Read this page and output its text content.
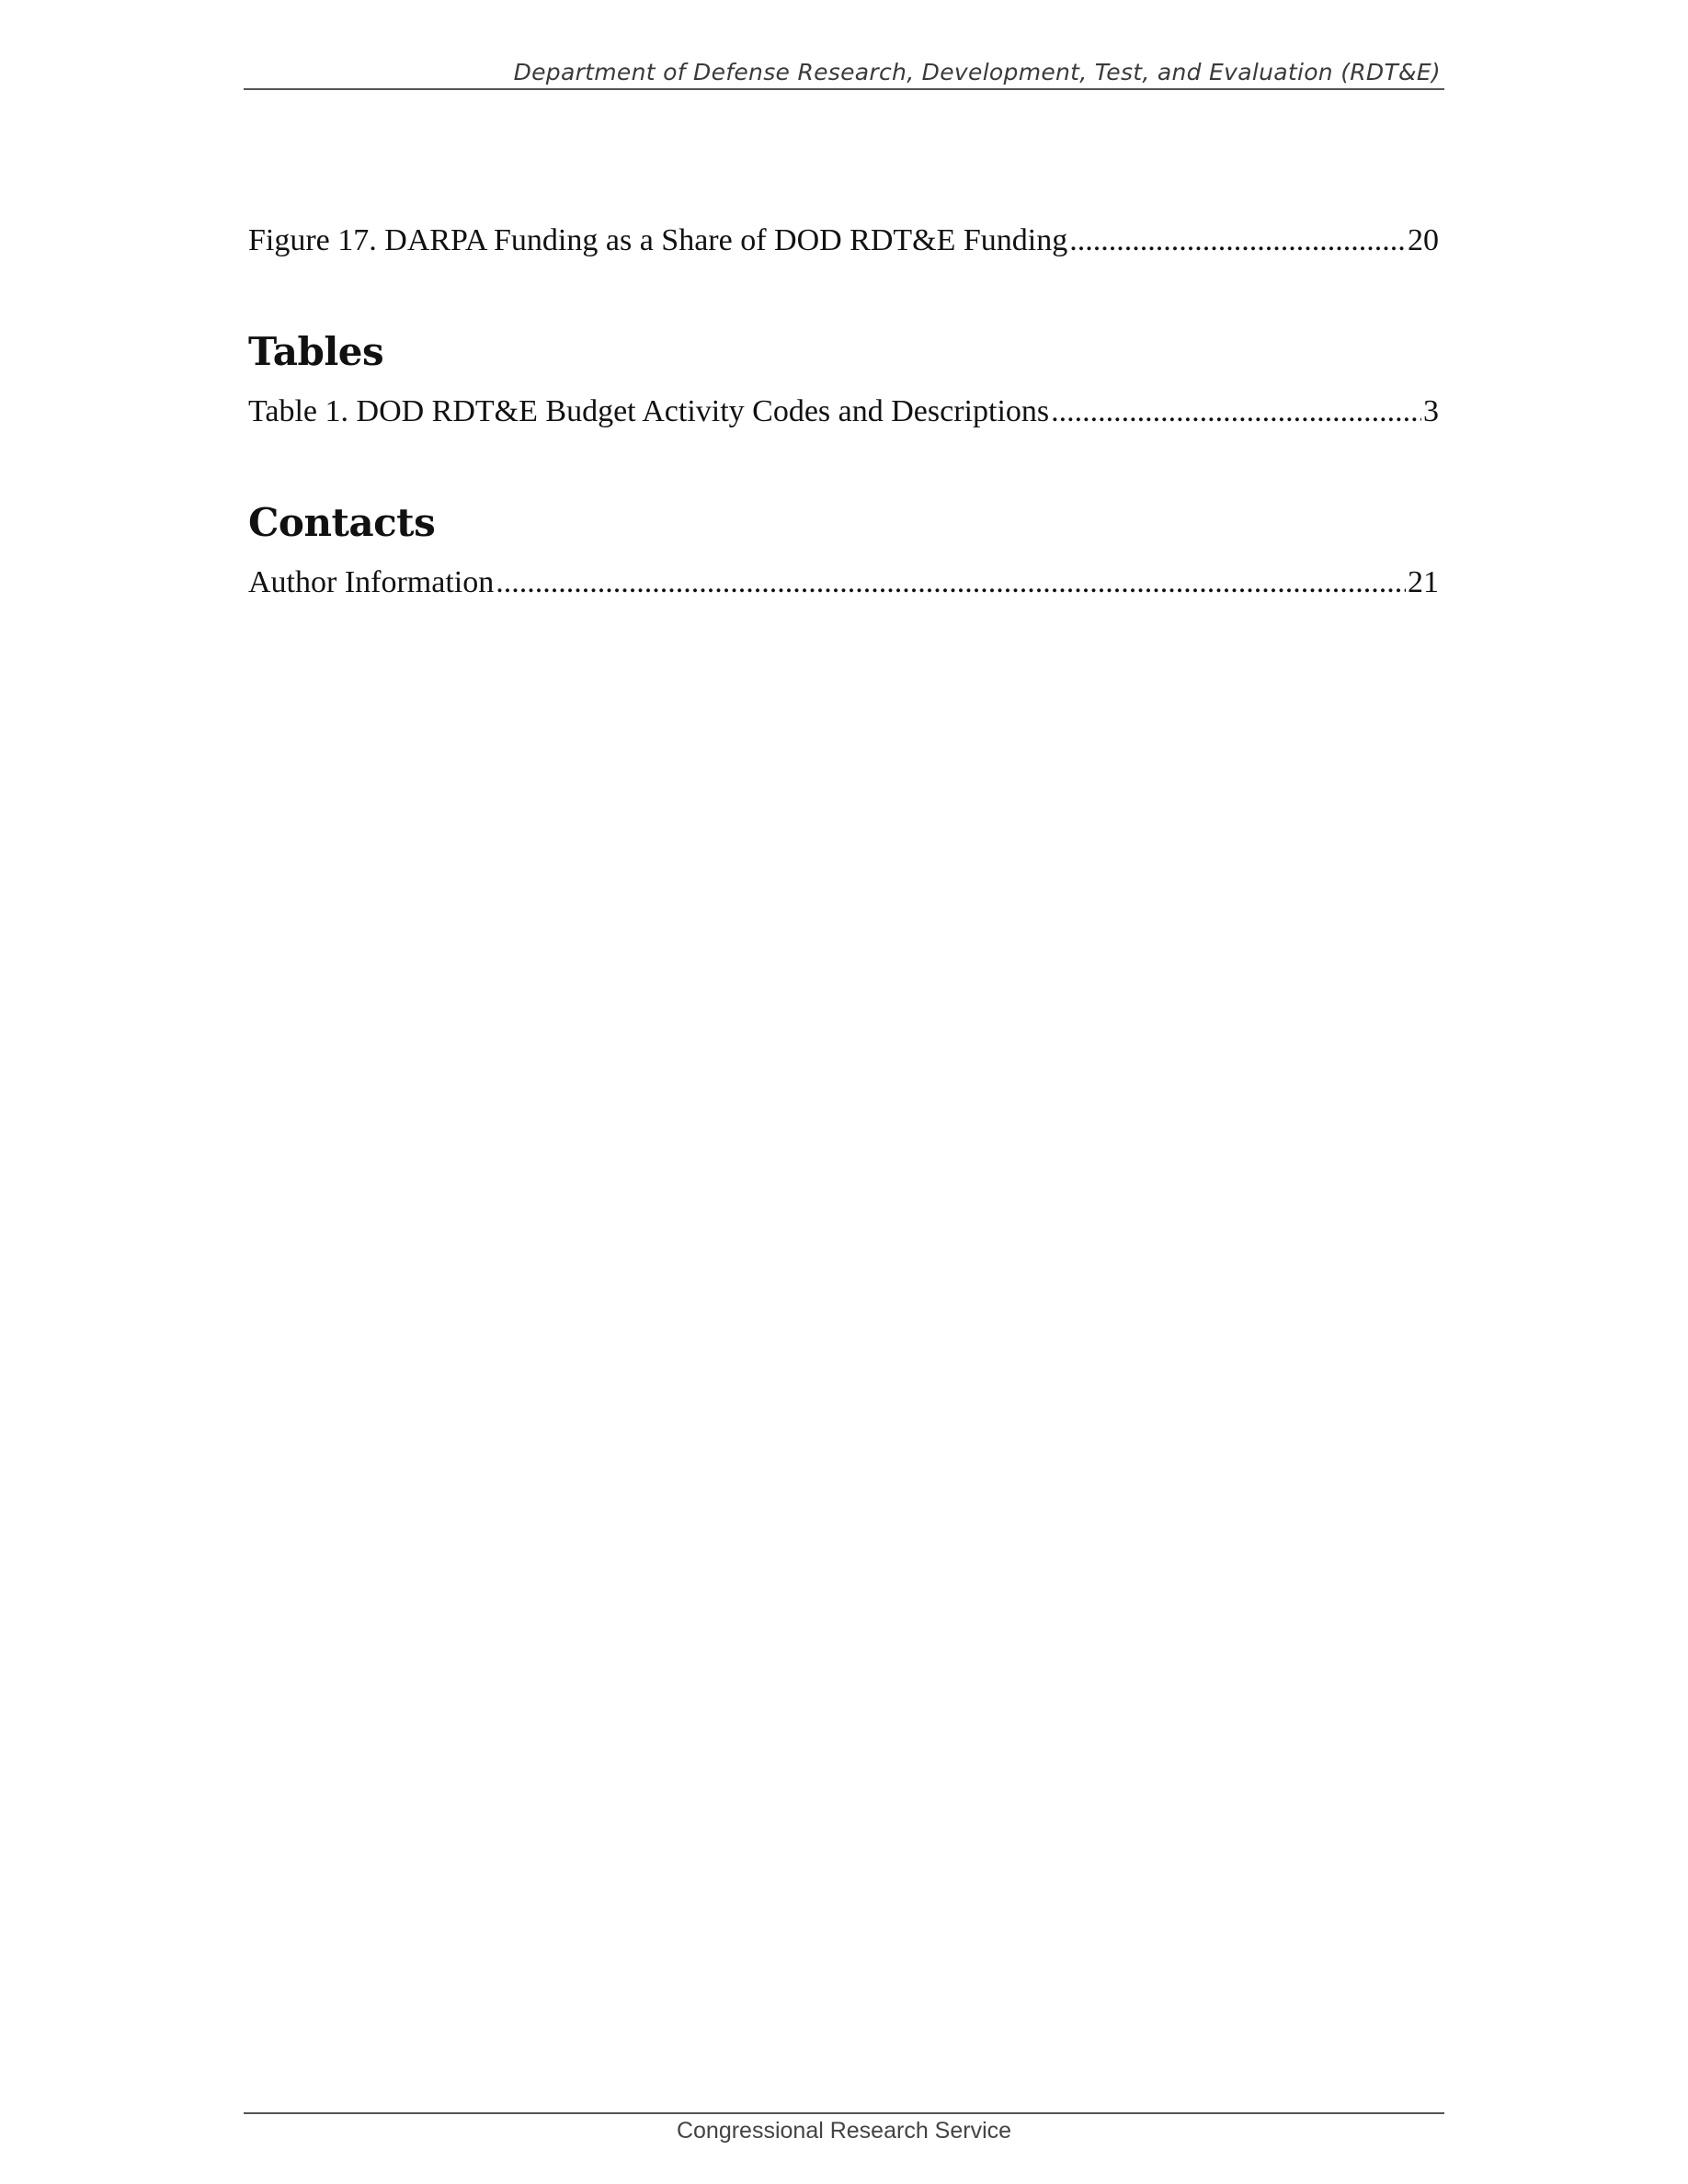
Department of Defense Research, Development, Test, and Evaluation (RDT&E)
Figure 17. DARPA Funding as a Share of DOD RDT&E Funding .....	20
Tables
Table 1. DOD RDT&E Budget Activity Codes and Descriptions .....	3
Contacts
Author Information .....	21
Congressional Research Service
